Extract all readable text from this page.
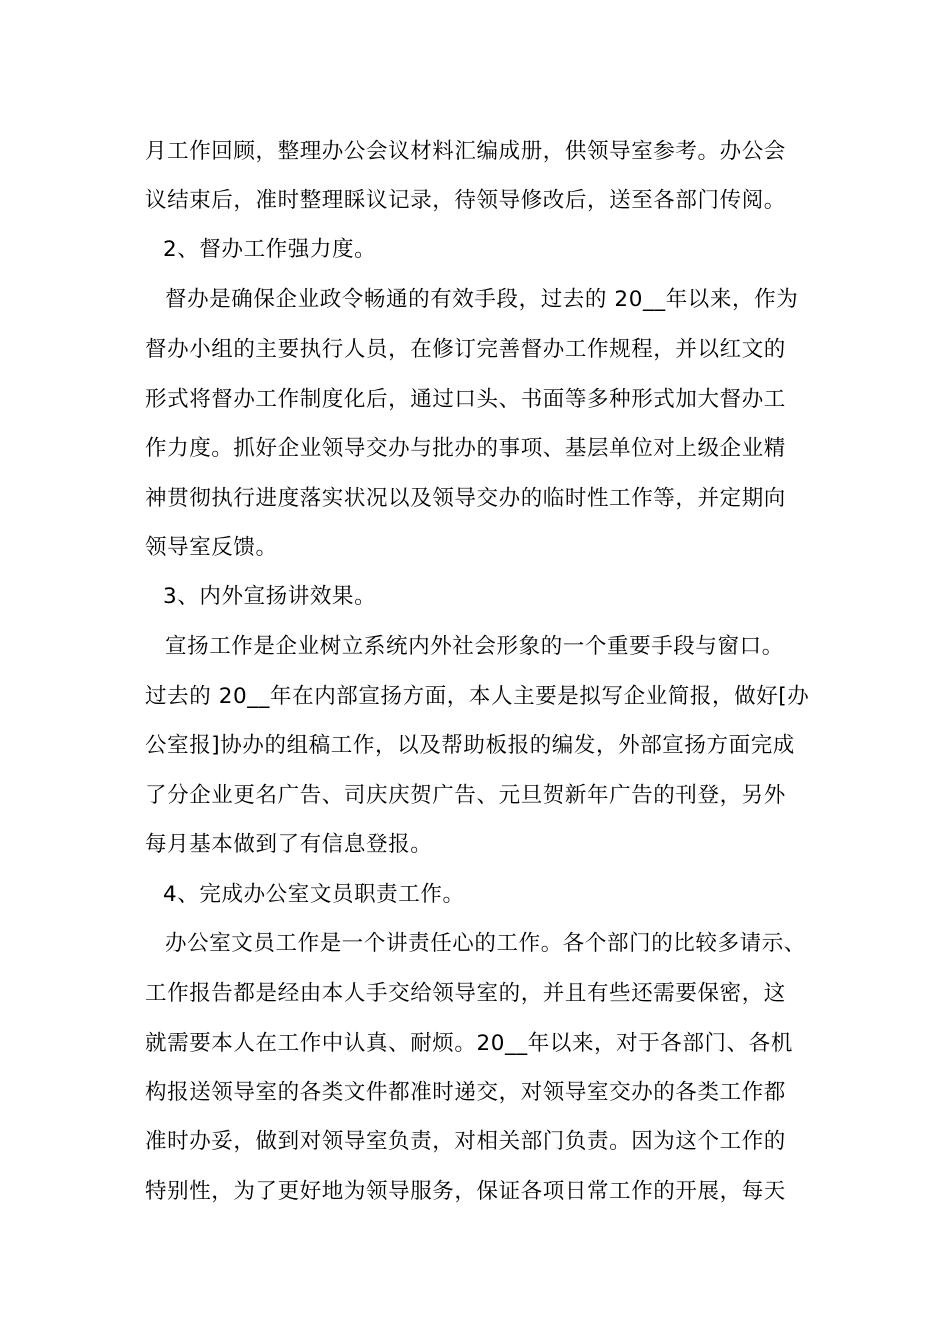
月工作回顾，整理办公会议材料汇编成册，供领导室参考。办公会

议结束后，准时整理睬议记录，待领导修改后，送至各部门传阅。

2、督办工作强力度。

督办是确保企业政令畅通的有效手段，过去的 20__年以来，作为

督办小组的主要执行人员，在修订完善督办工作规程，并以红文的

形式将督办工作制度化后，通过口头、书面等多种形式加大督办工

作力度。抓好企业领导交办与批办的事项、基层单位对上级企业精

神贯彻执行进度落实状况以及领导交办的临时性工作等，并定期向

领导室反馈。

3、内外宣扬讲效果。

宣扬工作是企业树立系统内外社会形象的一个重要手段与窗口。

过去的 20__年在内部宣扬方面，本人主要是拟写企业简报，做好[办

公室报]协办的组稿工作，以及帮助板报的编发，外部宣扬方面完成

了分企业更名广告、司庆庆贺广告、元旦贺新年广告的刊登，另外

每月基本做到了有信息登报。

4、完成办公室文员职责工作。

办公室文员工作是一个讲责任心的工作。各个部门的比较多请示、

工作报告都是经由本人手交给领导室的，并且有些还需要保密，这

就需要本人在工作中认真、耐烦。20__年以来，对于各部门、各机

构报送领导室的各类文件都准时递交，对领导室交办的各类工作都

准时办妥，做到对领导室负责，对相关部门负责。因为这个工作的

特别性，为了更好地为领导服务，保证各项日常工作的开展，每天
